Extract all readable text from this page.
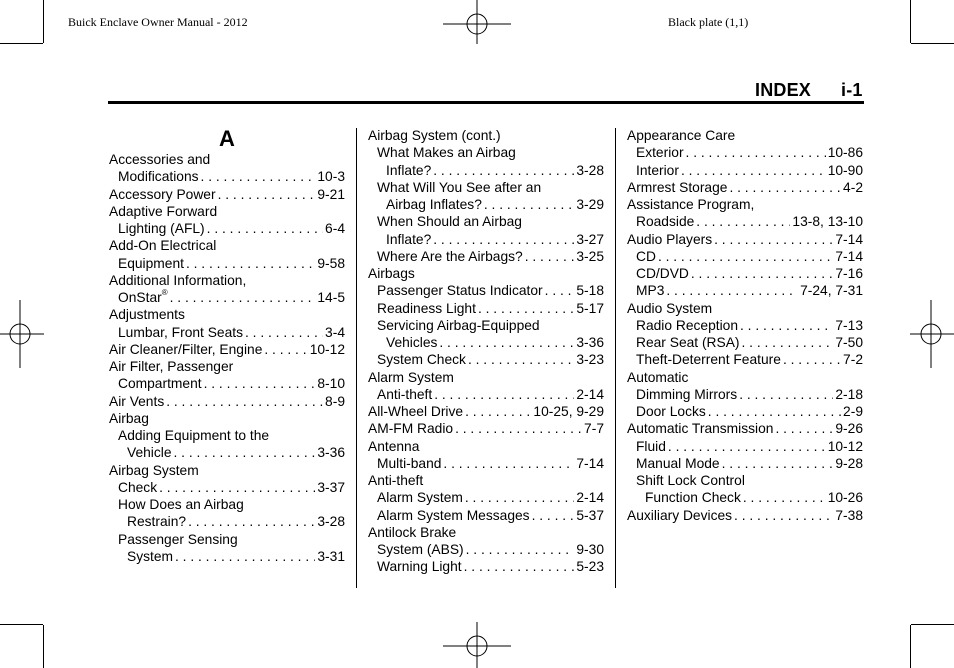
Buick Enclave Owner Manual - 2012	Black plate (1,1)
INDEX i-1
A
Accessories and
Modifications . . .	10-3
Accessory Power . . .	9-21
Adaptive Forward
Lighting (AFL) . . .	6-4
Add-On Electrical
Equipment . . .	9-58
Additional Information,
OnStar® . . .	14-5
Adjustments
Lumbar, Front Seats . . .	3-4
Air Cleaner/Filter, Engine . . .	10-12
Air Filter, Passenger
Compartment . . .	8-10
Air Vents . . .	8-9
Airbag
Adding Equipment to the
Vehicle . . .	3-36
Airbag System
Check . . .	3-37
How Does an Airbag
Restrain? . . .	3-28
Passenger Sensing
System . . .	3-31
Airbag System (cont.)
What Makes an Airbag
Inflate? . . .	3-28
What Will You See after an
Airbag Inflates? . . .	3-29
When Should an Airbag
Inflate? . . .	3-27
Where Are the Airbags? . . .	3-25
Airbags
Passenger Status Indicator . . . 5-18
Readiness Light . . .	5-17
Servicing Airbag-Equipped
Vehicles . . .	3-36
System Check . . .	3-23
Alarm System
Anti-theft . . .	2-14
All-Wheel Drive . . .	10-25, 9-29
AM-FM Radio . . .	7-7
Antenna
Multi-band . . .	7-14
Anti-theft
Alarm System . . .	2-14
Alarm System Messages . . .	5-37
Antilock Brake
System (ABS) . . .	9-30
Warning Light . . .	5-23
Appearance Care
Exterior . . .	10-86
Interior . . .	10-90
Armrest Storage . . .	4-2
Assistance Program,
Roadside . . .	13-8, 13-10
Audio Players . . .	7-14
CD . . .	7-14
CD/DVD . . .	7-16
MP3 . . .	7-24, 7-31
Audio System
Radio Reception . . .	7-13
Rear Seat (RSA) . . .	7-50
Theft-Deterrent Feature . . .	7-2
Automatic
Dimming Mirrors . . .	2-18
Door Locks . . .	2-9
Automatic Transmission . . .	9-26
Fluid . . .	10-12
Manual Mode . . .	9-28
Shift Lock Control
Function Check . . .	10-26
Auxiliary Devices . . .	7-38
